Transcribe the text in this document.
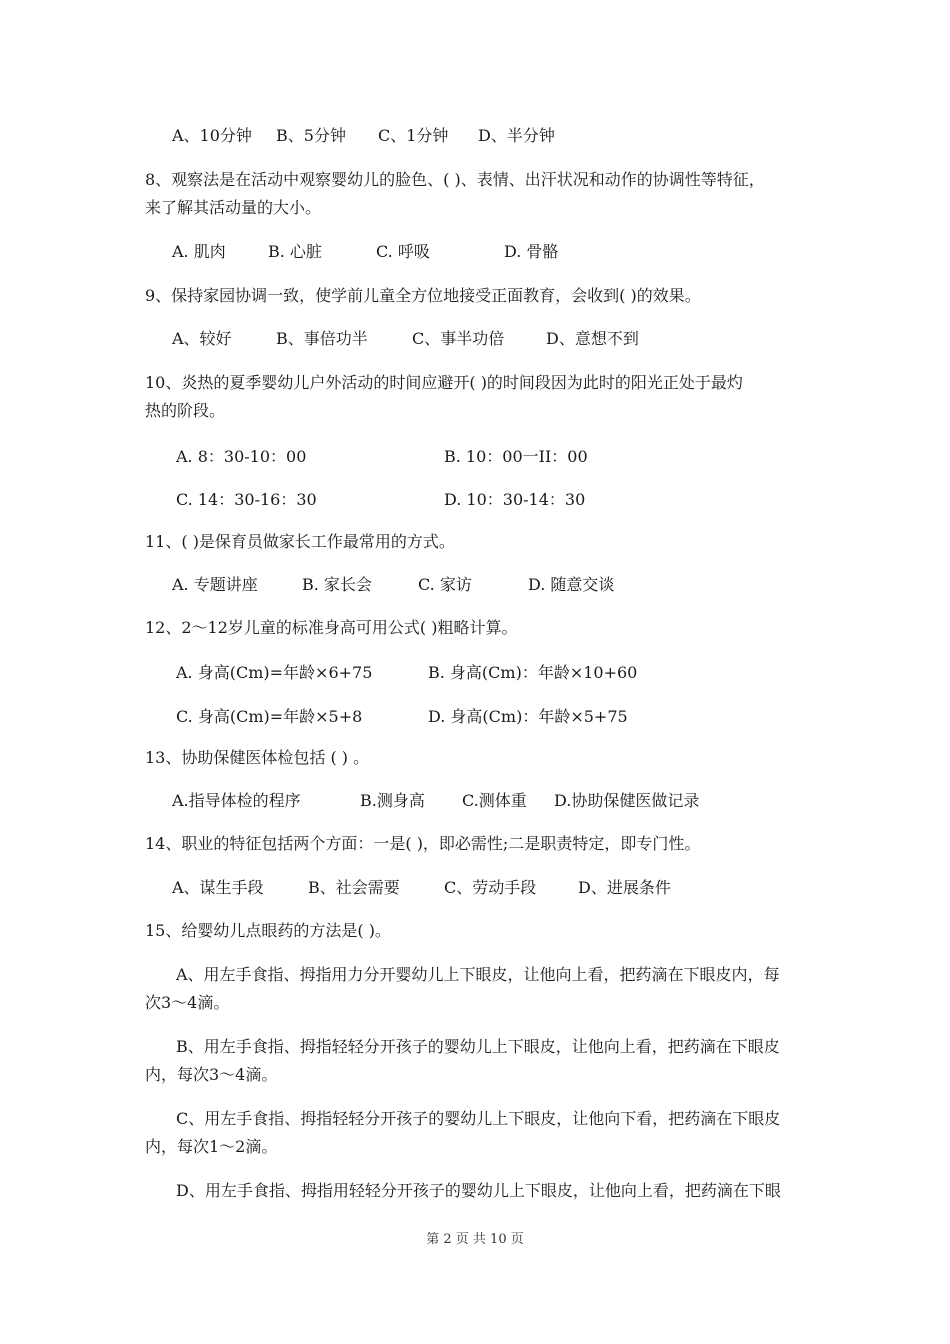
A、10分钟 B、5分钟 C、1分钟 D、半分钟
8、观察法是在活动中观察婴幼儿的脸色、( )、表情、出汗状况和动作的协调性等特征，
来了解其活动量的大小。
A. 肌肉	B. 心脏	C. 呼吸	D. 骨骼
9、保持家园协调一致，使学前儿童全方位地接受正面教育，会收到( )的效果。
A、较好	B、事倍功半	C、事半功倍	D、意想不到
10、炎热的夏季婴幼儿户外活动的时间应避开( )的时间段因为此时的阳光正处于最灼
热的阶段。
A. 8：30-10：00	B. 10：00一II：00
C. 14：30-16：30	D. 10：30-14：30
11、( )是保育员做家长工作最常用的方式。
A. 专题讲座	B. 家长会	C. 家访	D. 随意交谈
12、2～12岁儿童的标准身高可用公式( )粗略计算。
A. 身高(Cm)=年龄×6+75	B. 身高(Cm)：年龄×10+60
C. 身高(Cm)=年龄×5+8	D. 身高(Cm)：年龄×5+75
13、协助保健医体检包括 ( ) 。
A.指导体检的程序	B.测身高 C.测体重 D.协助保健医做记录
14、职业的特征包括两个方面：一是( )，即必需性;二是职责特定，即专门性。
A、谋生手段	B、社会需要	C、劳动手段	D、进展条件
15、给婴幼儿点眼药的方法是( )。
A、用左手食指、拇指用力分开婴幼儿上下眼皮，让他向上看，把药滴在下眼皮内，每
次3～4滴。
B、用左手食指、拇指轻轻分开孩子的婴幼儿上下眼皮，让他向上看，把药滴在下眼皮
内，每次3～4滴。
C、用左手食指、拇指轻轻分开孩子的婴幼儿上下眼皮，让他向下看，把药滴在下眼皮
内，每次1～2滴。
D、用左手食指、拇指用轻轻分开孩子的婴幼儿上下眼皮，让他向上看，把药滴在下眼
第 2 页 共 10 页
